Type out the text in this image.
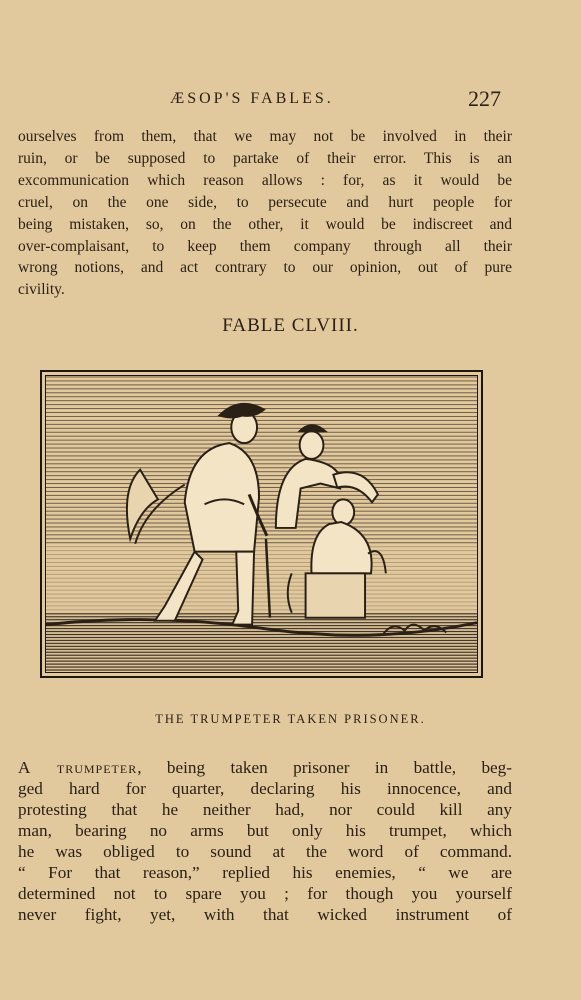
ÆSOP'S FABLES.	227

ourselves from them, that we may not be involved in their
ruin, or be supposed to partake of their error. This is an
excommunication which reason allows : for, as it would be
cruel, on the one side, to persecute and hurt people for
being mistaken, so, on the other, it would be indiscreet and
over-complaisant, to keep them company through all their
wrong notions, and act contrary to our opinion, out of pure
civility.

FABLE CLVIII.
THE TRUMPETER TAKEN PRISONER.

A trumpeter, being taken prisoner in battle, beg-
ged hard for quarter, declaring his innocence, and
protesting that he neither had, nor could kill any
man, bearing no arms but only his trumpet, which
he was obliged to sound at the word of command.
“ For that reason,” replied his enemies, “ we are
determined not to spare you ; for though you yourself
never fight, yet, with that wicked instrument of
